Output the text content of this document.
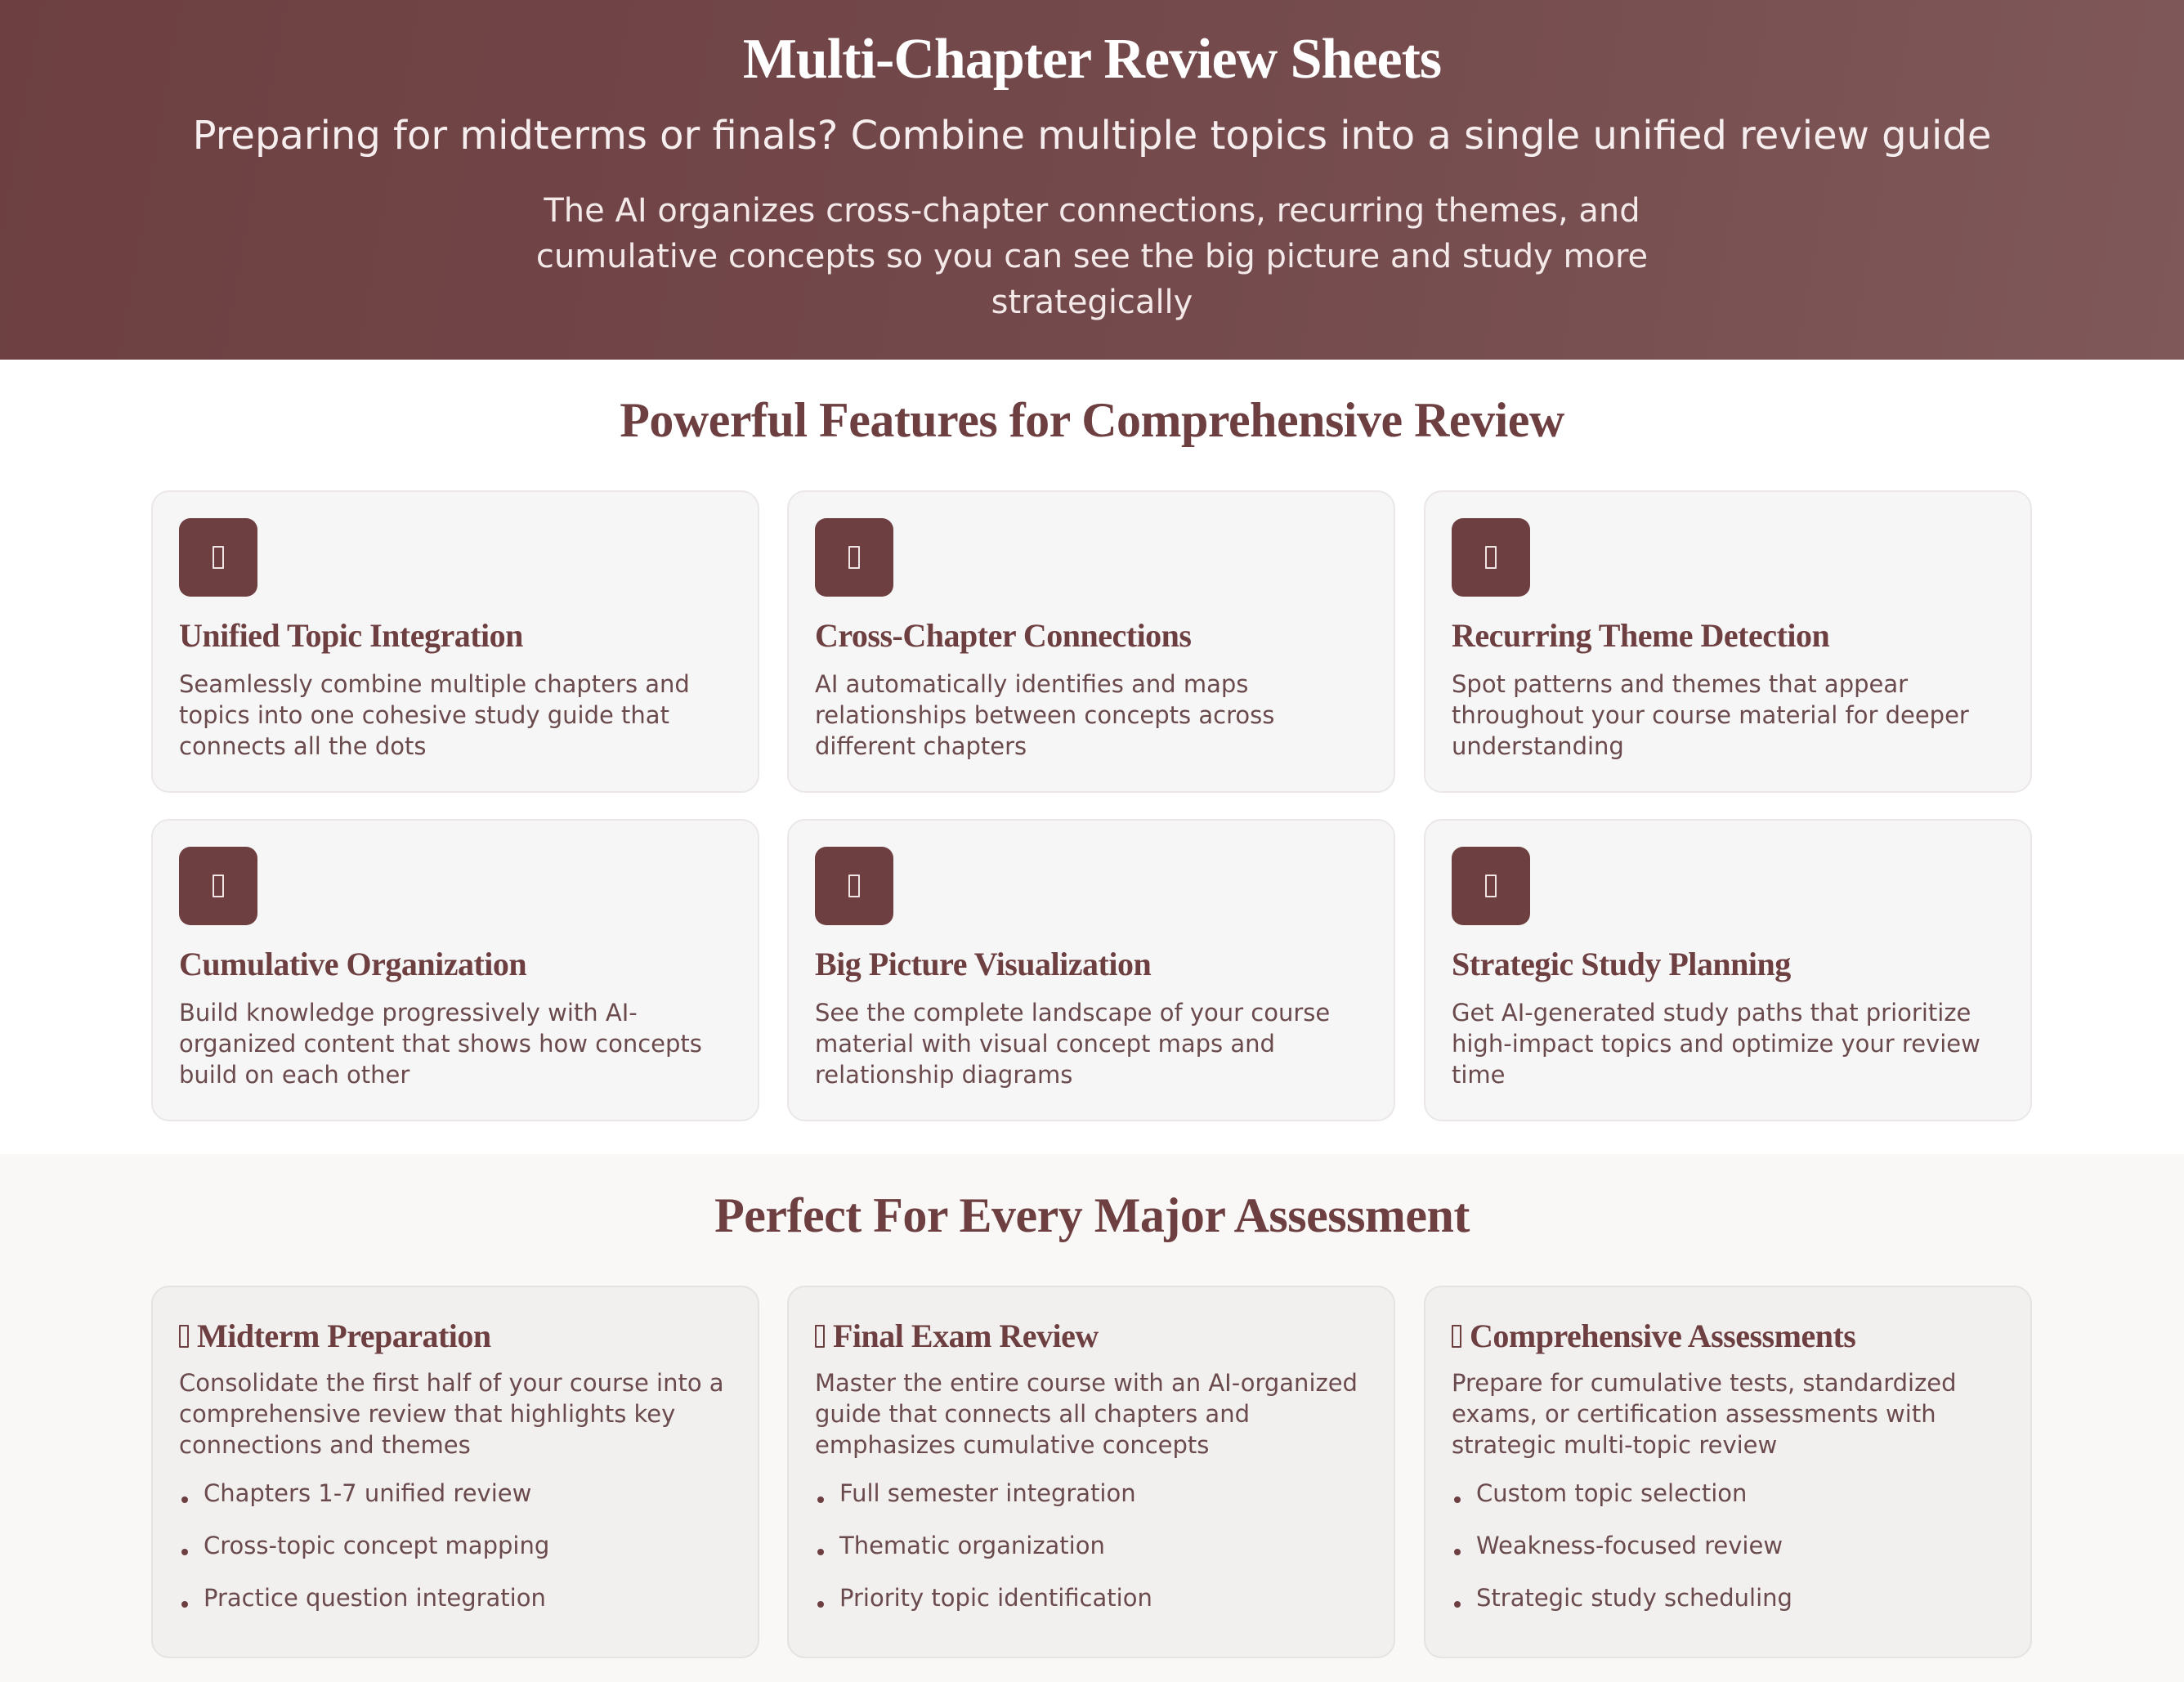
Multi-Chapter Review Sheets

Preparing for midterms or finals? Combine multiple topics into a single unified review guide

The AI organizes cross-chapter connections, recurring themes, and cumulative concepts so you can see the big picture and study more strategically

Powerful Features for Comprehensive Review
Unified Topic Integration

Seamlessly combine multiple chapters and topics into one cohesive study guide that connects all the dots

Cross-Chapter Connections

AI automatically identifies and maps relationships between concepts across different chapters

Recurring Theme Detection

Spot patterns and themes that appear throughout your course material for deeper understanding

Cumulative Organization

Build knowledge progressively with AI-organized content that shows how concepts build on each other

Big Picture Visualization

See the complete landscape of your course material with visual concept maps and relationship diagrams

Strategic Study Planning

Get AI-generated study paths that prioritize high-impact topics and optimize your review time

Perfect For Every Major Assessment
Midterm Preparation

Consolidate the first half of your course into a comprehensive review that highlights key connections and themes

Chapters 1-7 unified review
Cross-topic concept mapping
Practice question integration
Final Exam Review

Master the entire course with an AI-organized guide that connects all chapters and emphasizes cumulative concepts

Full semester integration
Thematic organization
Priority topic identification
Comprehensive Assessments

Prepare for cumulative tests, standardized exams, or certification assessments with strategic multi-topic review

Custom topic selection
Weakness-focused review
Strategic study scheduling
